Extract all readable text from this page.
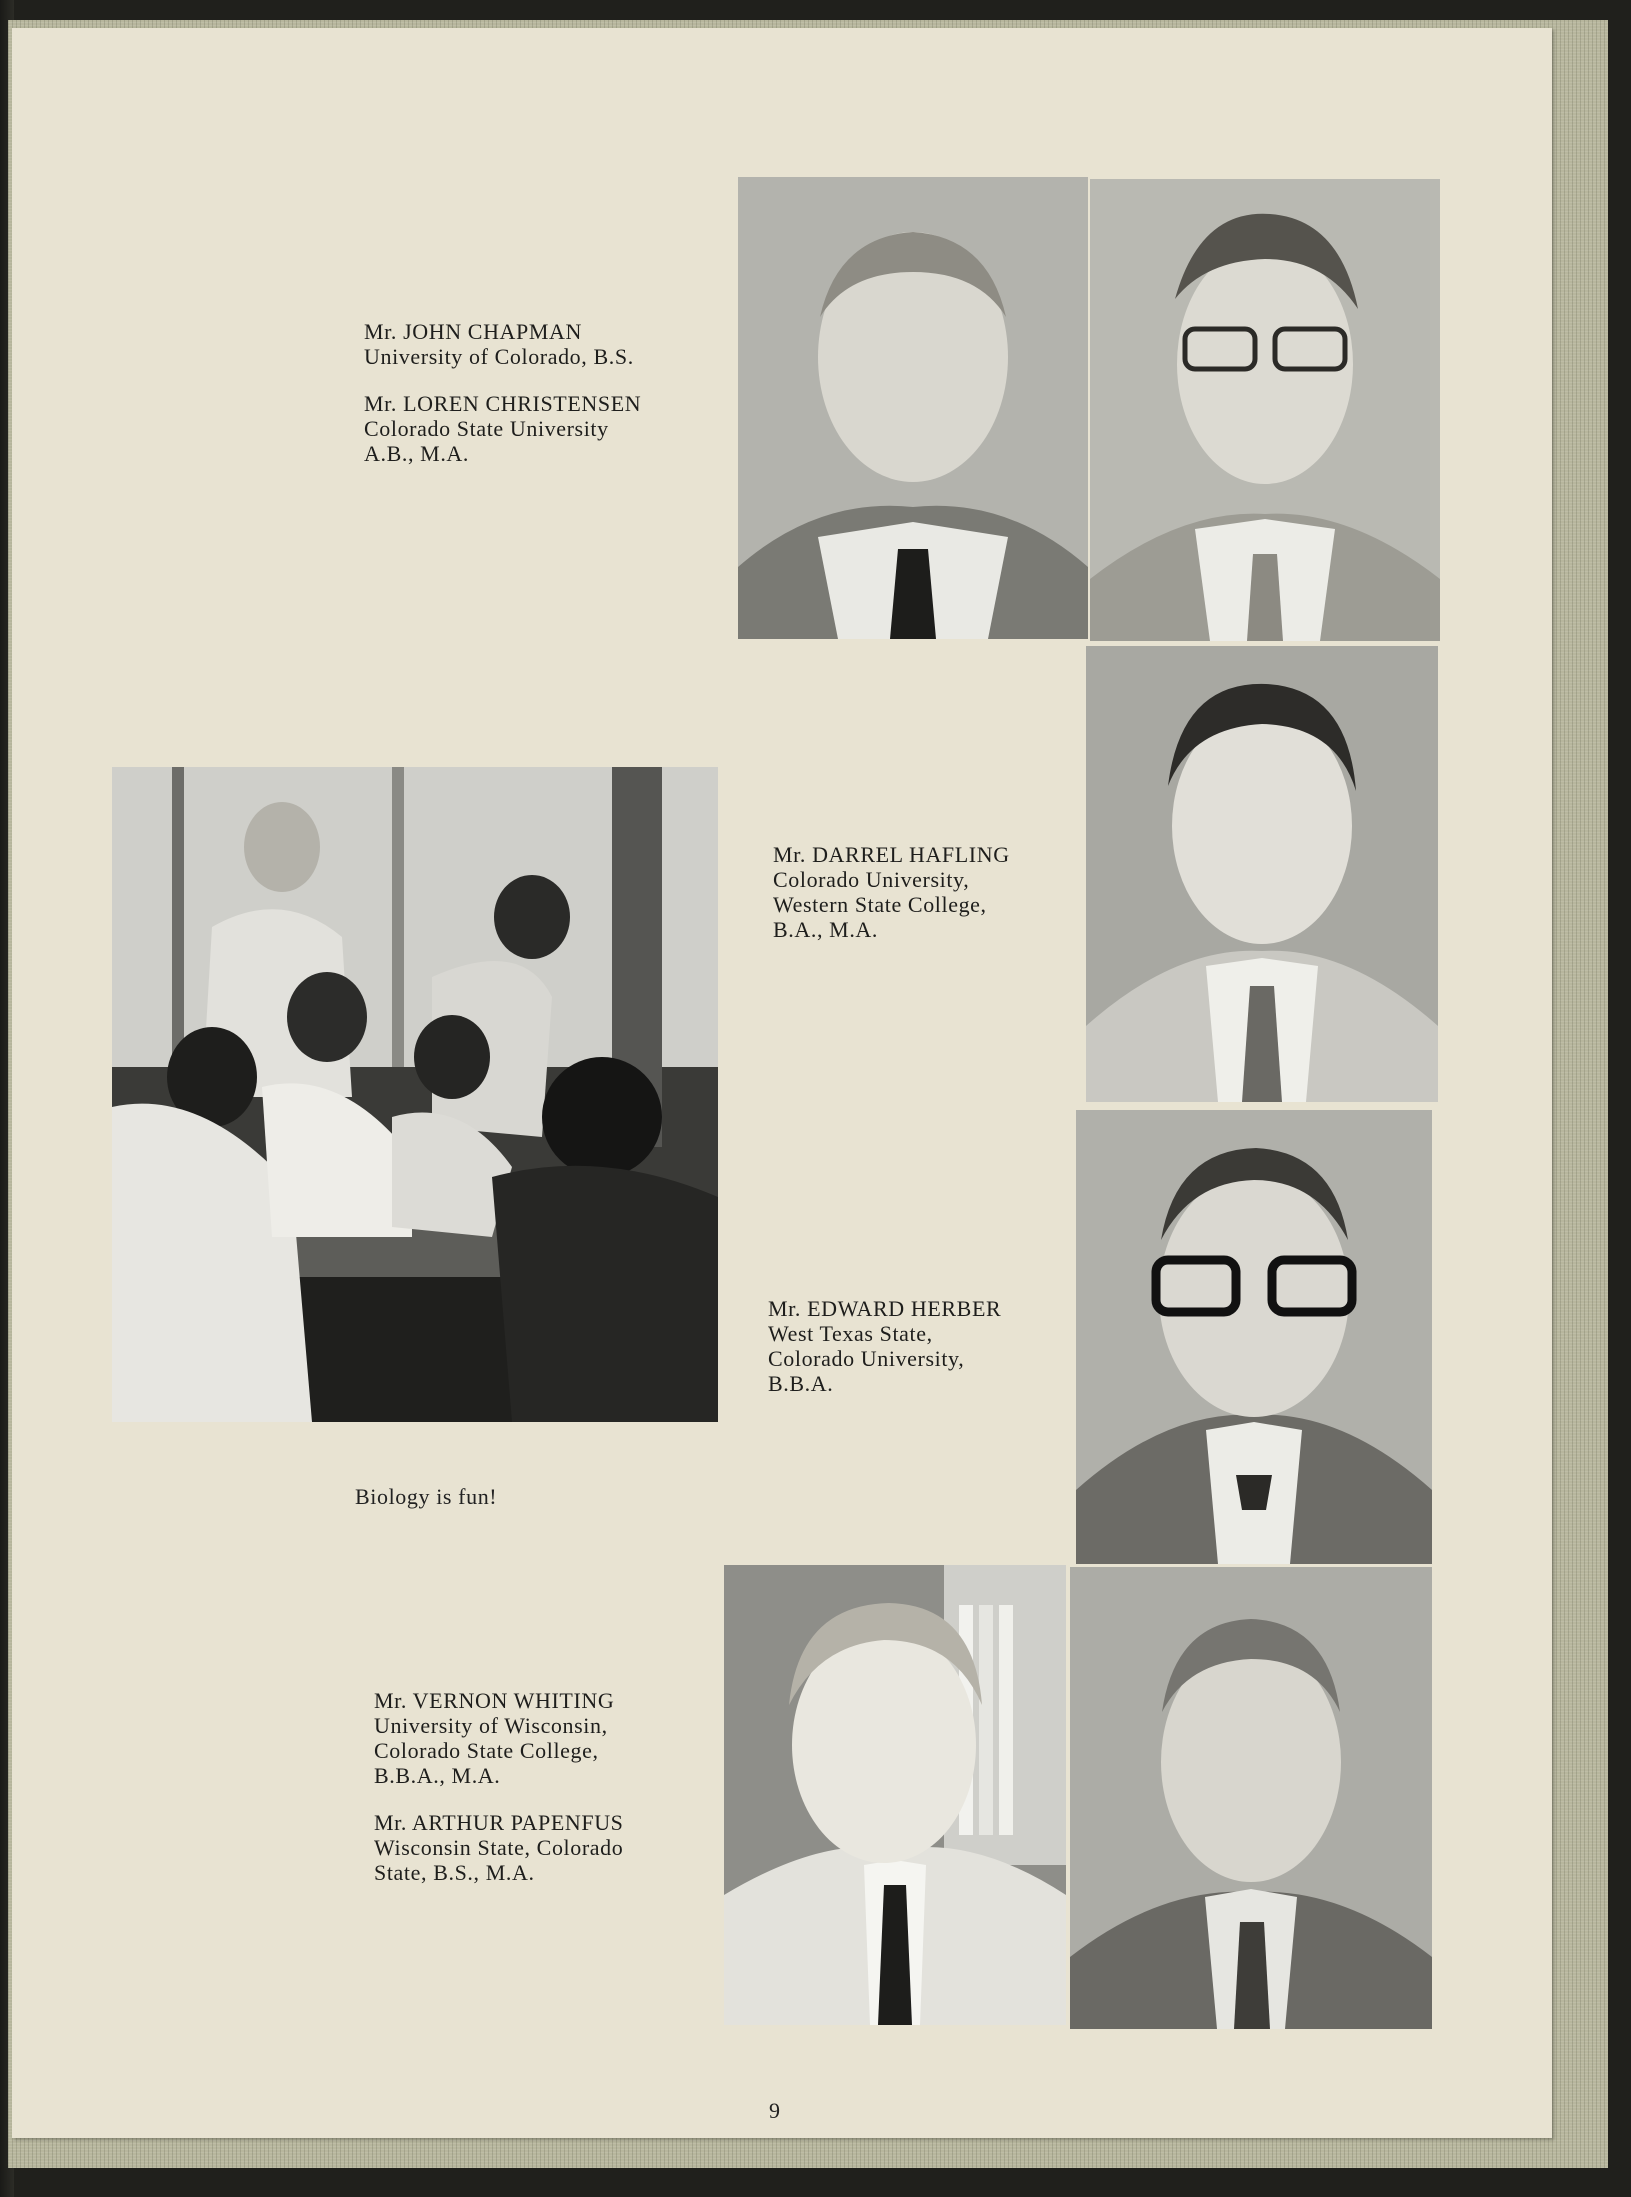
Mr. JOHN CHAPMAN

University of Colorado, B.S.

Mr. LOREN CHRISTENSEN

Colorado State University

A.B., M.A.

Biology is fun!

Mr. DARREL HAFLING

Colorado University,

Western State College,

B.A., M.A.

Mr. EDWARD HERBER

West Texas State,

Colorado University,

B.B.A.

Mr. VERNON WHITING

University of Wisconsin,

Colorado State College,

B.B.A., M.A.

Mr. ARTHUR PAPENFUS

Wisconsin State, Colorado

State, B.S., M.A.

9
